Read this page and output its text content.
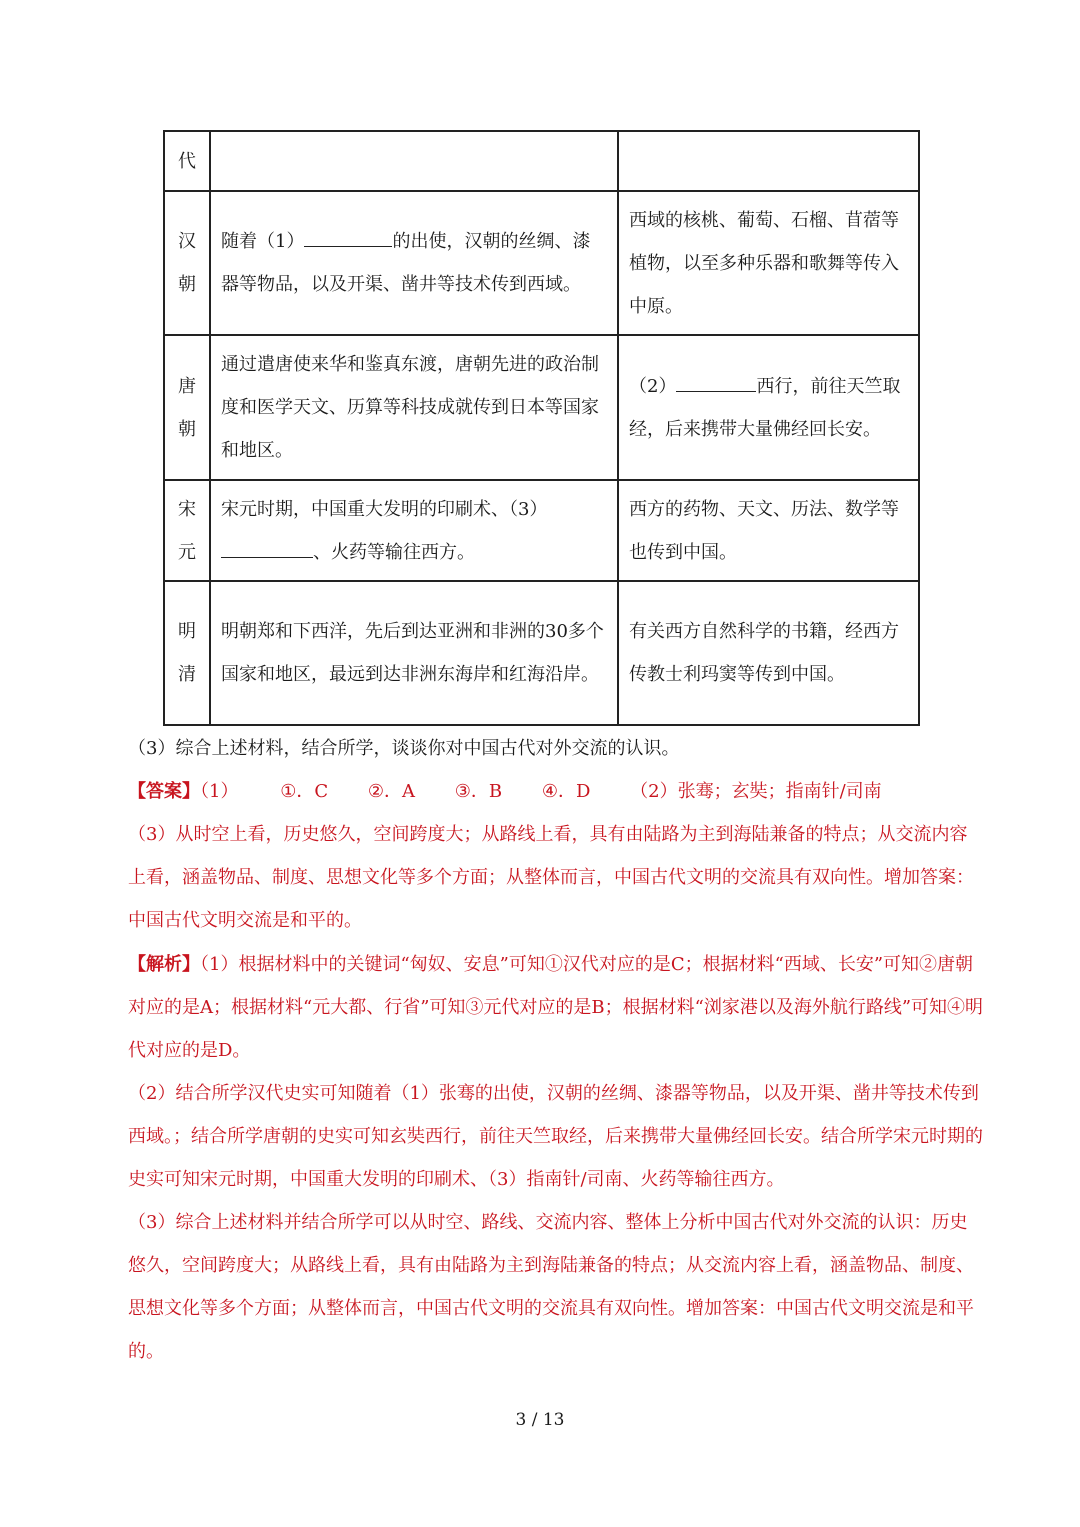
代		

汉
朝	随着（1） 的出使，汉朝的丝绸、漆器等物品，以及开渠、凿井等技术传到西域。	西域的核桃、葡萄、石榴、苜蓿等植物，以至多种乐器和歌舞等传入中原。

唐
朝	通过遣唐使来华和鉴真东渡，唐朝先进的政治制度和医学天文、历算等科技成就传到日本等国家和地区。	（2） 西行，前往天竺取经，后来携带大量佛经回长安。

宋
元	宋元时期，中国重大发明的印刷术、（3）、火药等输往西方。	西方的药物、天文、历法、数学等也传到中国。

明
清	明朝郑和下西洋，先后到达亚洲和非洲的30多个国家和地区，最远到达非洲东海岸和红海沿岸。	有关西方自然科学的书籍，经西方传教士利玛窦等传到中国。
（3）综合上述材料，结合所学，谈谈你对中国古代对外交流的认识。
【答案】（1） ①．C ②．A ③．B ④．D （2）张骞；玄奘；指南针/司南
（3）从时空上看，历史悠久，空间跨度大；从路线上看，具有由陆路为主到海陆兼备的特点；从交流内容上看，涵盖物品、制度、思想文化等多个方面；从整体而言，中国古代文明的交流具有双向性。增加答案：中国古代文明交流是和平的。
【解析】（1）根据材料中的关键词“匈奴、安息”可知①汉代对应的是C；根据材料“西域、长安”可知②唐朝对应的是A；根据材料“元大都、行省”可知③元代对应的是B；根据材料“浏家港以及海外航行路线”可知④明代对应的是D。
（2）结合所学汉代史实可知随着（1）张骞的出使，汉朝的丝绸、漆器等物品，以及开渠、凿井等技术传到西域。；结合所学唐朝的史实可知玄奘西行，前往天竺取经，后来携带大量佛经回长安。结合所学宋元时期的史实可知宋元时期，中国重大发明的印刷术、（3）指南针/司南、火药等输往西方。
（3）综合上述材料并结合所学可以从时空、路线、交流内容、整体上分析中国古代对外交流的认识：历史悠久，空间跨度大；从路线上看，具有由陆路为主到海陆兼备的特点；从交流内容上看，涵盖物品、制度、思想文化等多个方面；从整体而言，中国古代文明的交流具有双向性。增加答案：中国古代文明交流是和平的。
3 / 13
